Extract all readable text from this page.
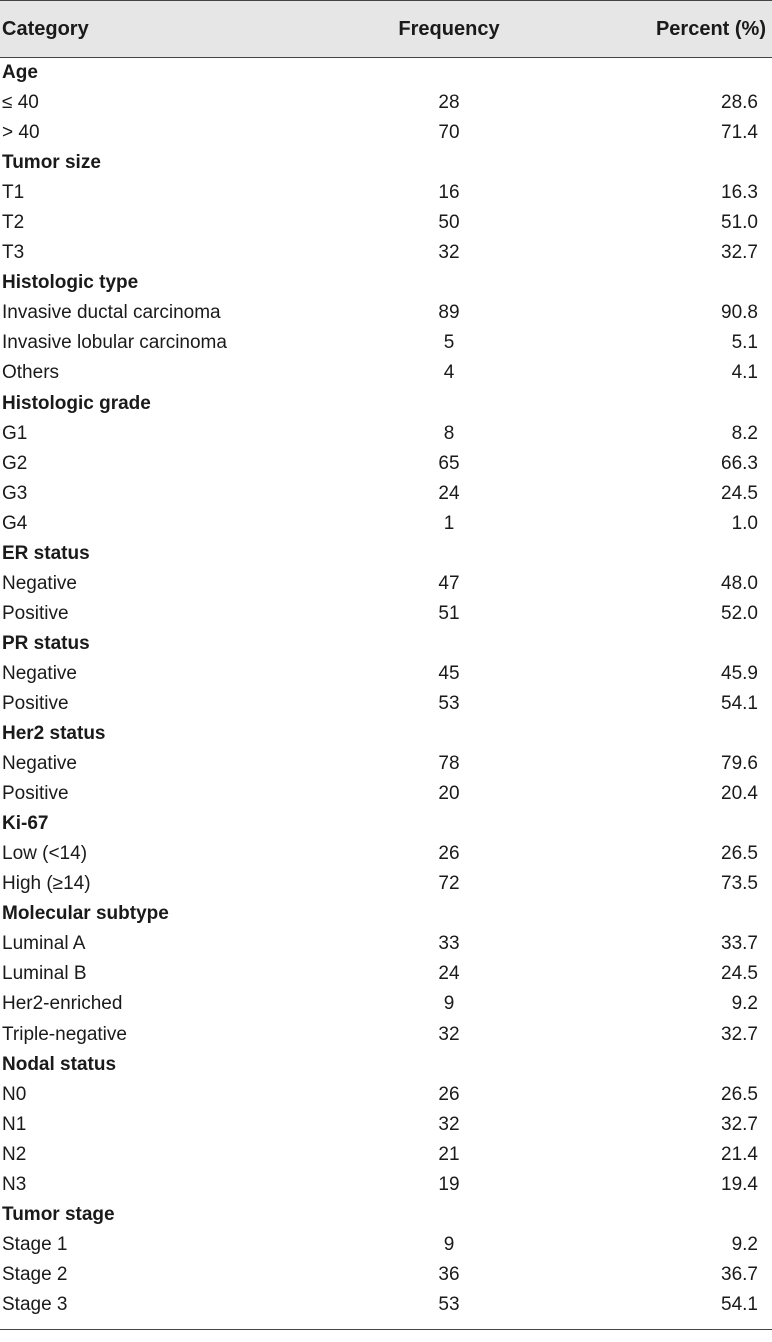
Category	Frequency	Percent (%)
Age
≤ 40	28	28.6
> 40	70	71.4
Tumor size
T1	16	16.3
T2	50	51.0
T3	32	32.7
Histologic type
Invasive ductal carcinoma	89	90.8
Invasive lobular carcinoma	5	5.1
Others	4	4.1
Histologic grade
G1	8	8.2
G2	65	66.3
G3	24	24.5
G4	1	1.0
ER status
Negative	47	48.0
Positive	51	52.0
PR status
Negative	45	45.9
Positive	53	54.1
Her2 status
Negative	78	79.6
Positive	20	20.4
Ki-67
Low (<14)	26	26.5
High (≥14)	72	73.5
Molecular subtype
Luminal A	33	33.7
Luminal B	24	24.5
Her2-enriched	9	9.2
Triple-negative	32	32.7
Nodal status
N0	26	26.5
N1	32	32.7
N2	21	21.4
N3	19	19.4
Tumor stage
Stage 1	9	9.2
Stage 2	36	36.7
Stage 3	53	54.1
